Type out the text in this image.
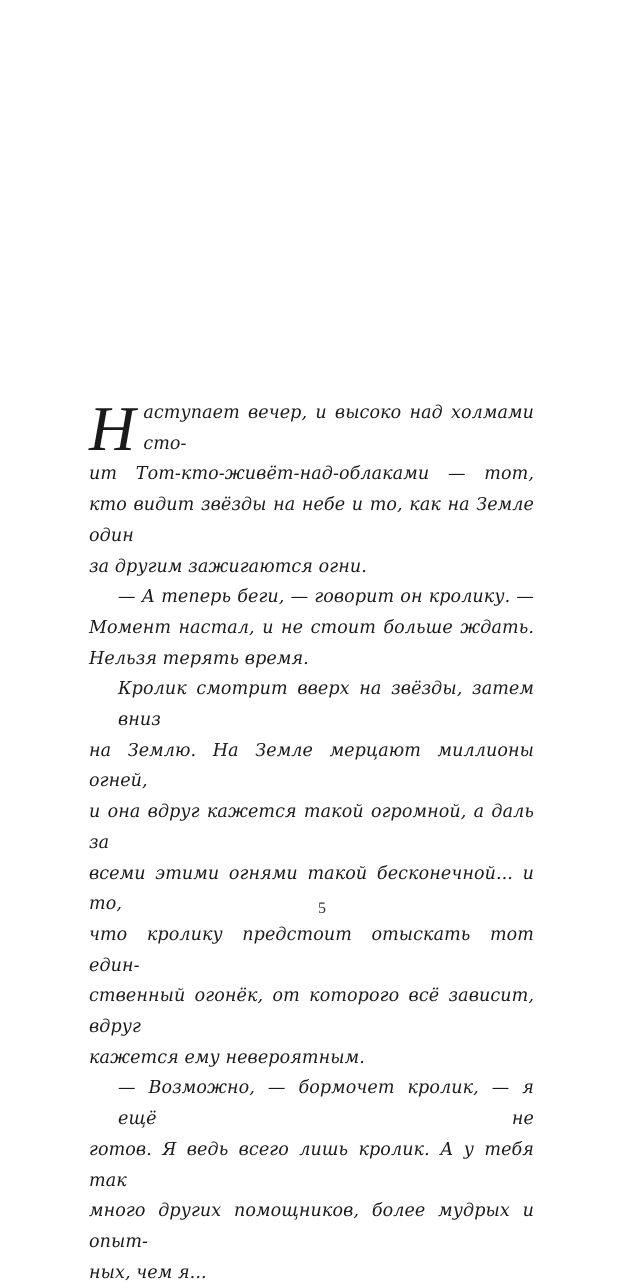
Н аступает вечер, и высоко над холмами сто-
ит Тот-кто-живёт-над-облаками — тот,
кто видит звёзды на небе и то, как на Земле один
за другим зажигаются огни.

— А теперь беги, — говорит он кролику. —
Момент настал, и не стоит больше ждать.
Нельзя терять время.

Кролик смотрит вверх на звёзды, затем вниз
на Землю. На Земле мерцают миллионы огней,
и она вдруг кажется такой огромной, а даль за
всеми этими огнями такой бесконечной... и то,
что кролику предстоит отыскать тот един-
ственный огонёк, от которого всё зависит, вдруг
кажется ему невероятным.

— Возможно, — бормочет кролик, — я ещё не
готов. Я ведь всего лишь кролик. А у тебя так
много других помощников, более мудрых и опыт-
ных, чем я...

5
